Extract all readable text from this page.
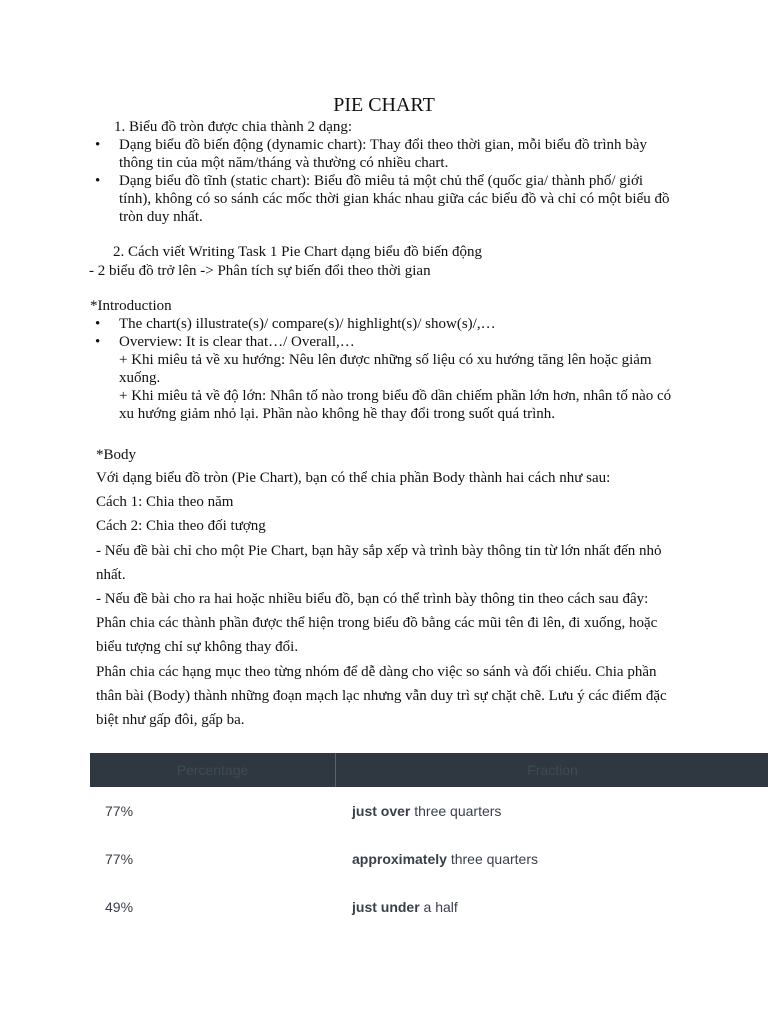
PIE CHART
1. Biểu đồ tròn được chia thành 2 dạng:
• Dạng biểu đồ biến động (dynamic chart): Thay đổi theo thời gian, mỗi biểu đồ trình bày
thông tin của một năm/tháng và thường có nhiều chart.
• Dạng biểu đồ tĩnh (static chart): Biểu đồ miêu tả một chủ thể (quốc gia/ thành phố/ giới
tính), không có so sánh các mốc thời gian khác nhau giữa các biểu đồ và chỉ có một biểu đồ
tròn duy nhất.
2. Cách viết Writing Task 1 Pie Chart dạng biểu đồ biến động
- 2 biểu đồ trở lên -> Phân tích sự biến đổi theo thời gian
*Introduction
• The chart(s) illustrate(s)/ compare(s)/ highlight(s)/ show(s)/,…
• Overview: It is clear that…/ Overall,…
+ Khi miêu tả về xu hướng: Nêu lên được những số liệu có xu hướng tăng lên hoặc giảm
xuống.
+ Khi miêu tả về độ lớn: Nhân tố nào trong biểu đồ dần chiếm phần lớn hơn, nhân tố nào có
xu hướng giảm nhỏ lại. Phần nào không hề thay đổi trong suốt quá trình.
*Body
Với dạng biểu đồ tròn (Pie Chart), bạn có thể chia phần Body thành hai cách như sau:
Cách 1: Chia theo năm
Cách 2: Chia theo đối tượng
- Nếu đề bài chỉ cho một Pie Chart, bạn hãy sắp xếp và trình bày thông tin từ lớn nhất đến nhỏ
nhất.
- Nếu đề bài cho ra hai hoặc nhiều biểu đồ, bạn có thể trình bày thông tin theo cách sau đây:
Phân chia các thành phần được thể hiện trong biểu đồ bằng các mũi tên đi lên, đi xuống, hoặc
biểu tượng chỉ sự không thay đổi.
Phân chia các hạng mục theo từng nhóm để dễ dàng cho việc so sánh và đối chiếu. Chia phần
thân bài (Body) thành những đoạn mạch lạc nhưng vẫn duy trì sự chặt chẽ. Lưu ý các điểm đặc
biệt như gấp đôi, gấp ba.
Percentage	Fraction
77%	just over three quarters
77%	approximately three quarters
49%	just under a half
